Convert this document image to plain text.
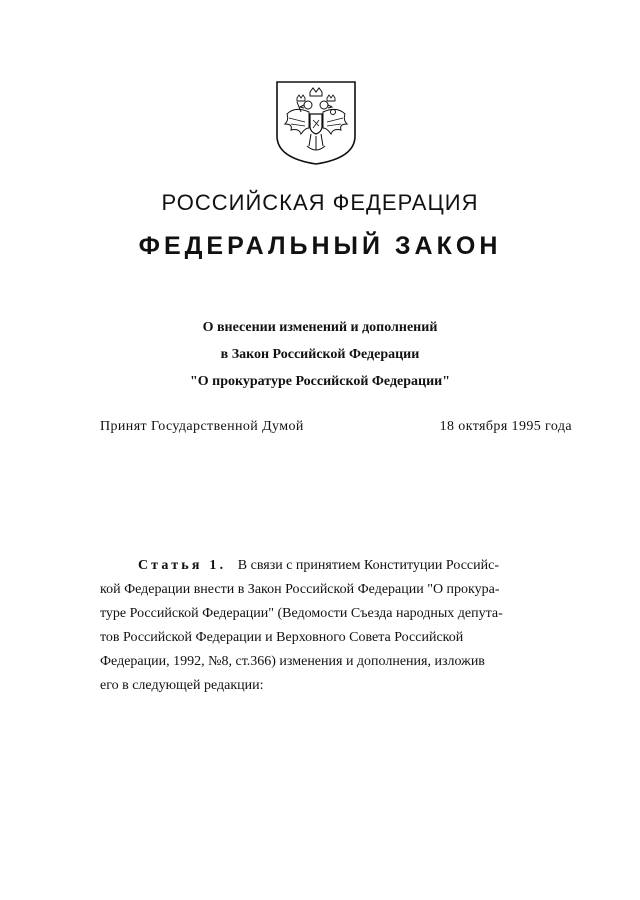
РОССИЙСКАЯ ФЕДЕРАЦИЯ
ФЕДЕРАЛЬНЫЙ ЗАКОН
О внесении изменений и дополнений
в Закон Российской Федерации
"О прокуратуре Российской Федерации"
Принят Государственной Думой	18 октября 1995 года
Статья 1. В связи с принятием Конституции Российс-
кой Федерации внести в Закон Российской Федерации "О прокура-
туре Российской Федерации" (Ведомости Съезда народных депута-
тов Российской Федерации и Верховного Совета Российской
Федерации, 1992, №8, ст.366) изменения и дополнения, изложив
его в следующей редакции:
